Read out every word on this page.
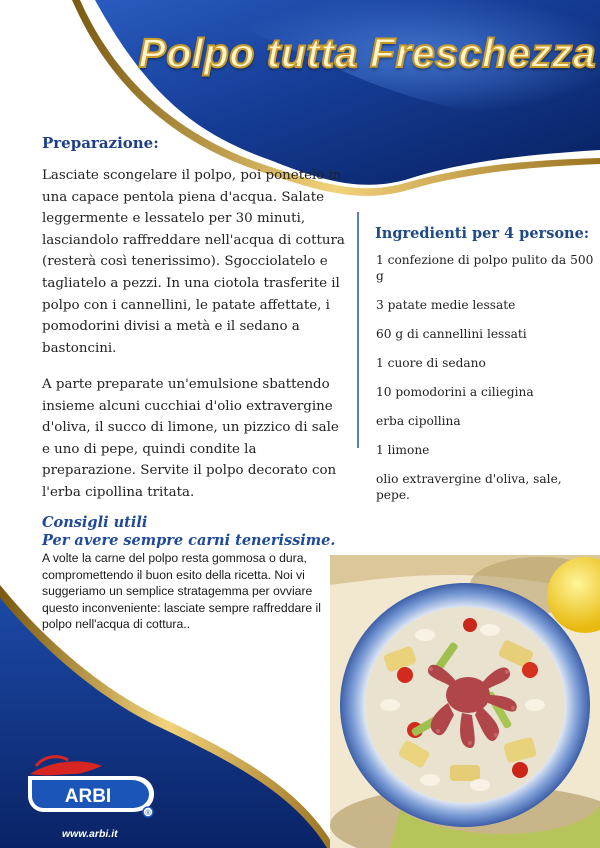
Polpo tutta Freschezza
Preparazione:

Lasciate scongelare il polpo, poi ponetelo in una capace pentola piena d'acqua. Salate leggermente e lessatelo per 30 minuti, lasciandolo raffreddare nell'acqua di cottura (resterà così tenerissimo). Sgocciolatelo e tagliatelo a pezzi. In una ciotola trasferite il polpo con i cannellini, le patate affettate, i pomodorini divisi a metà e il sedano a bastoncini.

A parte preparate un'emulsione sbattendo insieme alcuni cucchiai d'olio extravergine d'oliva, il succo di limone, un pizzico di sale e uno di pepe, quindi condite la preparazione. Servite il polpo decorato con l'erba cipollina tritata.

Ingredienti per 4 persone:
1 confezione di polpo pulito da 500 g
3 patate medie lessate
60 g di cannellini lessati
1 cuore di sedano
10 pomodorini a ciliegina
erba cipollina
1 limone
olio extravergine d'oliva, sale, pepe.
Consigli utili
Per avere sempre carni tenerissime.

A volte la carne del polpo resta gommosa o dura, compromettendo il buon esito della ricetta. Noi vi suggeriamo un semplice stratagemma per ovviare questo inconveniente: lasciate sempre raffreddare il polpo nell'acqua di cottura..

®
ARBI
www.arbi.it
